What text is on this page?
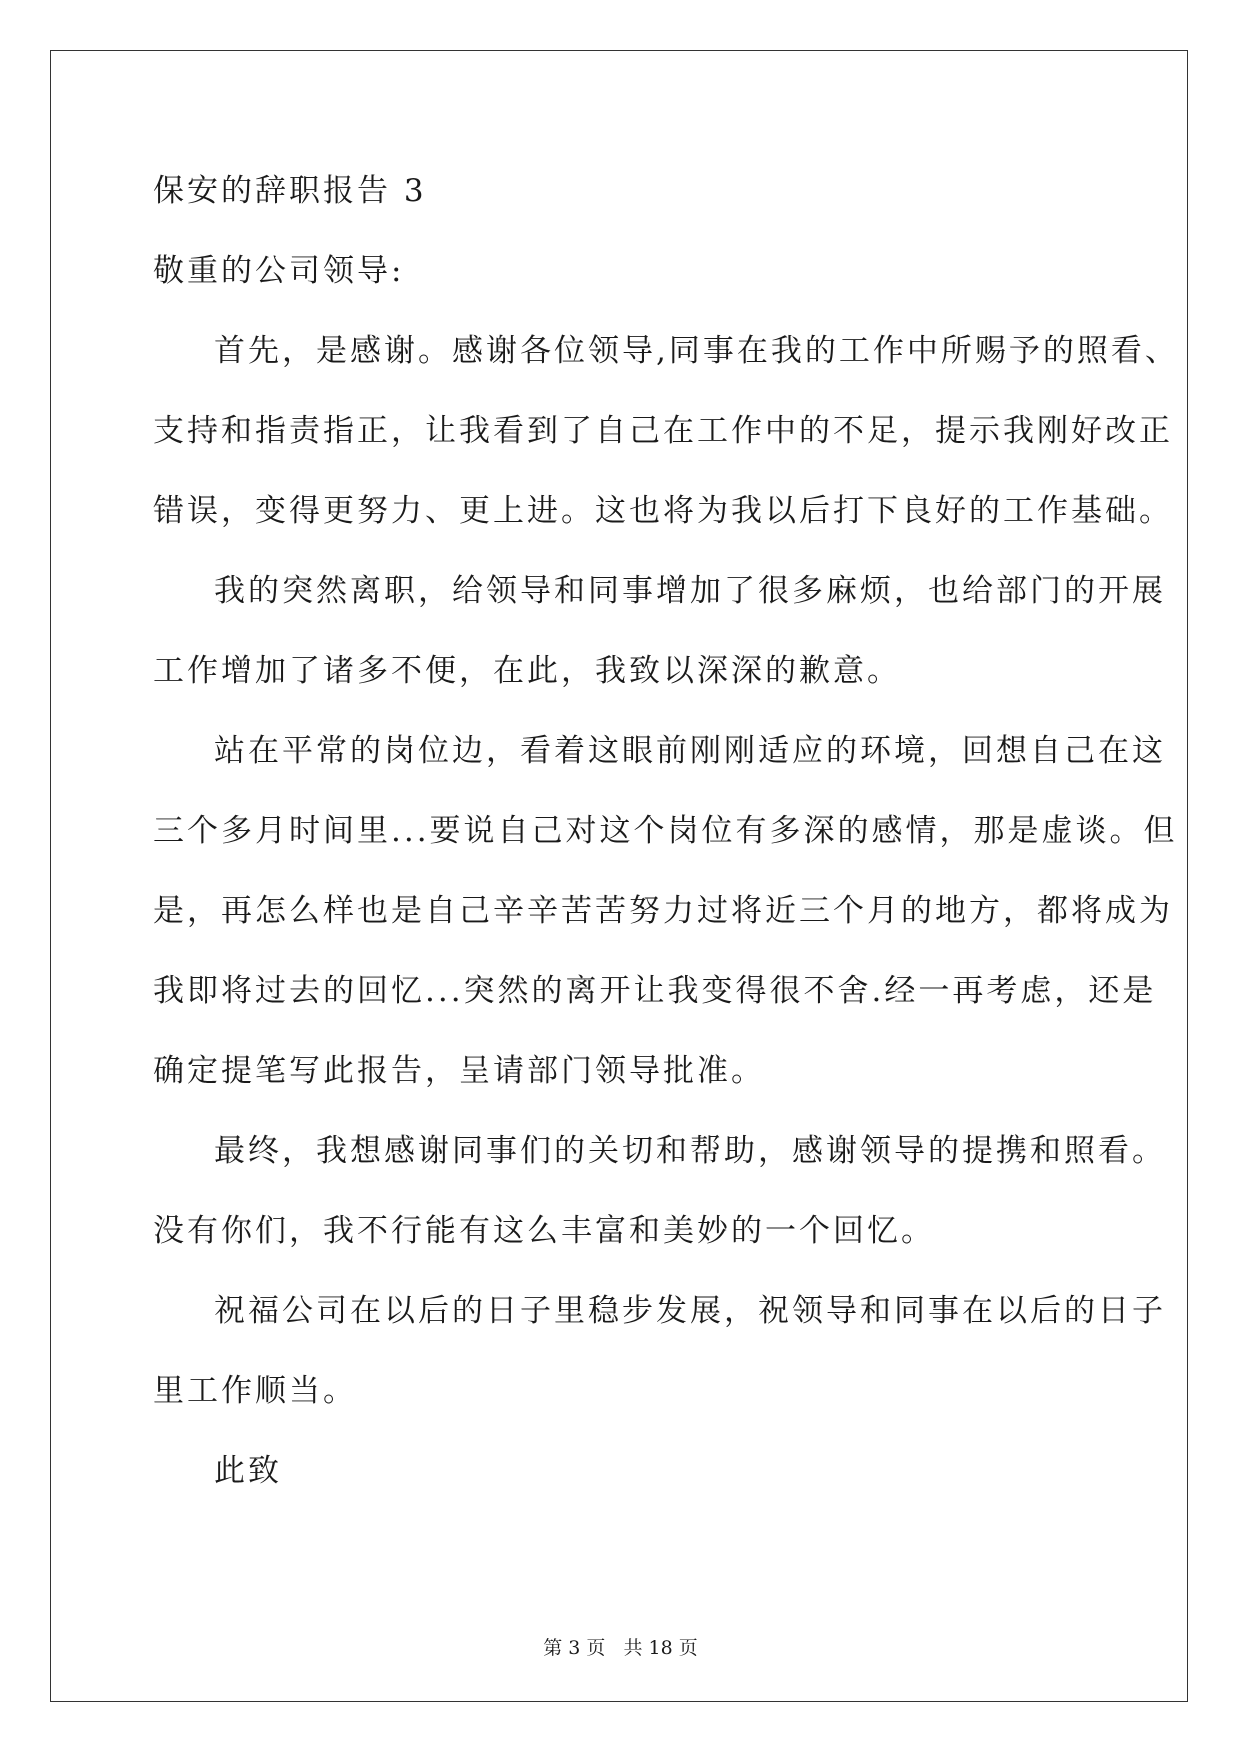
保安的辞职报告 3

敬重的公司领导:

首先，是感谢。感谢各位领导,同事在我的工作中所赐予的照看、

支持和指责指正，让我看到了自己在工作中的不足，提示我刚好改正

错误，变得更努力、更上进。这也将为我以后打下良好的工作基础。

我的突然离职，给领导和同事增加了很多麻烦，也给部门的开展

工作增加了诸多不便，在此，我致以深深的歉意。

站在平常的岗位边，看着这眼前刚刚适应的环境，回想自己在这

三个多月时间里...要说自己对这个岗位有多深的感情，那是虚谈。但

是，再怎么样也是自己辛辛苦苦努力过将近三个月的地方，都将成为

我即将过去的回忆...突然的离开让我变得很不舍.经一再考虑，还是

确定提笔写此报告，呈请部门领导批准。

最终，我想感谢同事们的关切和帮助，感谢领导的提携和照看。

没有你们，我不行能有这么丰富和美妙的一个回忆。

祝福公司在以后的日子里稳步发展，祝领导和同事在以后的日子

里工作顺当。

此致

第 3 页   共 18 页
